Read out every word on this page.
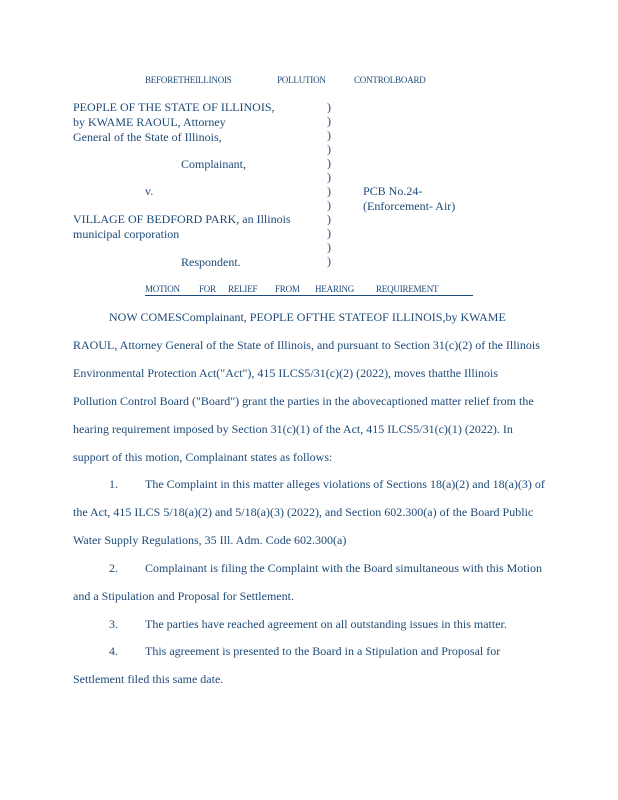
BEFORETHEILLINOIS	POLLUTION	CONTROLBOARD
PEOPLE OF THE STATE OF ILLINOIS,
by KWAME RAOUL, Attorney
General of the State of Illinois,
Complainant,
v.
VILLAGE OF BEDFORD PARK, an Illinois
municipal corporation
Respondent.
)
)
)
)
)
)
)
)
)
)
)
)
PCB No.24-
(Enforcement- Air)
MOTION FOR RELIEF FROM HEARING REQUIREMENT
NOW COMESComplainant, PEOPLE OFTHE STATEOF ILLINOIS,by KWAME
RAOUL, Attorney General of the State of Illinois, and pursuant to Section 31(c)(2) of the Illinois
Environmental Protection Act("Act"), 415 ILCS5/31(c)(2) (2022), moves thatthe Illinois
Pollution Control Board ("Board") grant the parties in the abovecaptioned matter relief from the
hearing requirement imposed by Section 31(c)(1) of the Act, 415 ILCS5/31(c)(1) (2022). In
support of this motion, Complainant states as follows:
1. The Complaint in this matter alleges violations of Sections 18(a)(2) and 18(a)(3) of
the Act, 415 ILCS 5/18(a)(2) and 5/18(a)(3) (2022), and Section 602.300(a) of the Board Public
Water Supply Regulations, 35 Ill. Adm. Code 602.300(a)
2. Complainant is filing the Complaint with the Board simultaneous with this Motion
and a Stipulation and Proposal for Settlement.
3. The parties have reached agreement on all outstanding issues in this matter.
4. This agreement is presented to the Board in a Stipulation and Proposal for
Settlement filed this same date.
